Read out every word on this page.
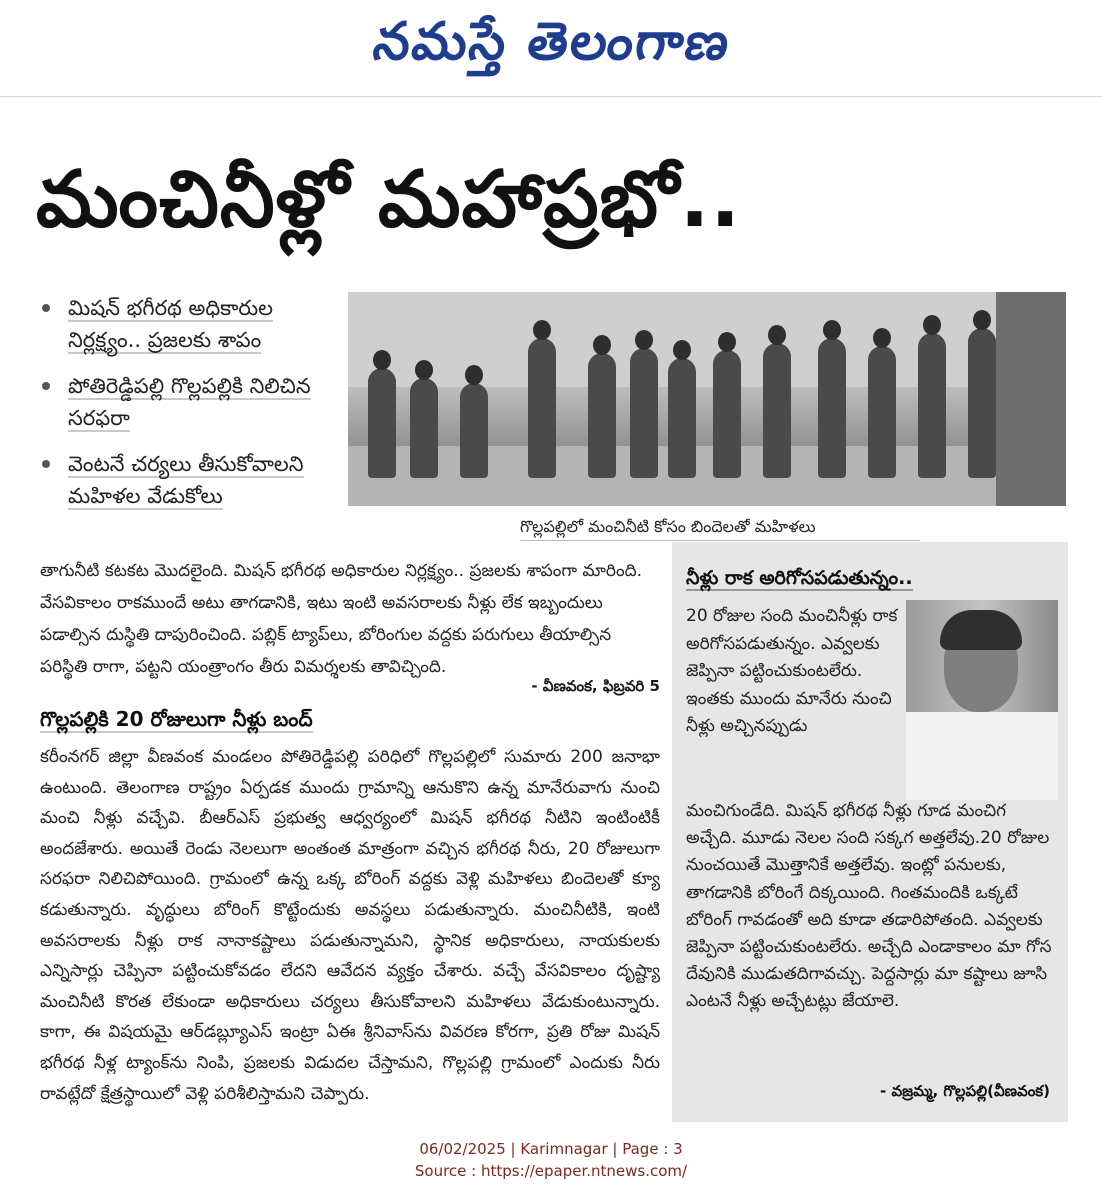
నమస్తే తెలంగాణ
మంచినీళ్లో మహాప్రభో..
మిషన్ భగీరథ అధికారుల నిర్లక్ష్యం.. ప్రజలకు శాపం
పోతిరెడ్డిపల్లి గొల్లపల్లికి నిలిచిన సరఫరా
వెంటనే చర్యలు తీసుకోవాలని మహిళల వేడుకోలు
గొల్లపల్లిలో మంచినీటి కోసం బిందెలతో మహిళలు
తాగునీటి కటకట మొదలైంది. మిషన్ భగీరథ అధికారుల నిర్లక్ష్యం.. ప్రజలకు శాపంగా మారింది. వేసవికాలం రాకముందే అటు తాగడానికి, ఇటు ఇంటి అవసరాలకు నీళ్లు లేక ఇబ్బందులు పడాల్సిన దుస్థితి దాపురించింది. పబ్లిక్ ట్యాప్‌లు, బోరింగుల వద్దకు పరుగులు తీయాల్సిన పరిస్థితి రాగా, పట్టని యంత్రాంగం తీరు విమర్శలకు తావిచ్చింది.
- వీణవంక, ఫిబ్రవరి 5
గొల్లపల్లికి 20 రోజులుగా నీళ్లు బంద్
కరీంనగర్ జిల్లా వీణవంక మండలం పోతిరెడ్డిపల్లి పరిధిలో గొల్లపల్లిలో సుమారు 200 జనాభా ఉంటుంది. తెలంగాణ రాష్ట్రం ఏర్పడక ముందు గ్రామాన్ని ఆనుకొని ఉన్న మానేరువాగు నుంచి మంచి నీళ్లు వచ్చేవి. బీఆర్ఎస్ ప్రభుత్వ ఆధ్వర్యంలో మిషన్ భగీరథ నీటిని ఇంటింటికీ అందజేశారు. అయితే రెండు నెలలుగా అంతంత మాత్రంగా వచ్చిన భగీరథ నీరు, 20 రోజులుగా సరఫరా నిలిచిపోయింది. గ్రామంలో ఉన్న ఒక్క బోరింగ్ వద్దకు వెళ్లి మహిళలు బిందెలతో క్యూ కడుతున్నారు. వృద్ధులు బోరింగ్ కొట్టేందుకు అవస్థలు పడుతున్నారు. మంచినీటికి, ఇంటి అవసరాలకు నీళ్లు రాక నానాకష్టాలు పడుతున్నామని, స్థానిక అధికారులు, నాయకులకు ఎన్నిసార్లు చెప్పినా పట్టించుకోవడం లేదని ఆవేదన వ్యక్తం చేశారు. వచ్చే వేసవికాలం దృష్ట్యా మంచినీటి కొరత లేకుండా అధికారులు చర్యలు తీసుకోవాలని మహిళలు వేడుకుంటున్నారు. కాగా, ఈ విషయమై ఆర్‌డబ్ల్యూఎస్ ఇంట్రా ఏఈ శ్రీనివాస్‌ను వివరణ కోరగా, ప్రతి రోజు మిషన్ భగీరథ నీళ్ల ట్యాంక్‌ను నింపి, ప్రజలకు విడుదల చేస్తామని, గొల్లపల్లి గ్రామంలో ఎందుకు నీరు రావట్లేదో క్షేత్రస్థాయిలో వెళ్లి పరిశీలిస్తామని చెప్పారు.
నీళ్లు రాక అరిగోసపడుతున్నం..
20 రోజుల సంది మంచినీళ్లు రాక అరిగోసపడుతున్నం. ఎవ్వలకు జెప్పినా పట్టించుకుంటలేరు. ఇంతకు ముందు మానేరు నుంచి నీళ్లు అచ్చినప్పుడు
మంచిగుండేది. మిషన్ భగీరథ నీళ్లు గూడ మంచిగ అచ్చేది. మూడు నెలల సంది సక్కగ అత్తలేవు.20 రోజుల నుంచయితే మొత్తానికే అత్తలేవు. ఇంట్లో పనులకు, తాగడానికి బోరింగే దిక్కయింది. గింతమందికి ఒక్కటే బోరింగ్ గావడంతో అది కూడా తడారిపోతంది. ఎవ్వలకు జెప్పినా పట్టించుకుంటలేరు. అచ్చేది ఎండాకాలం మా గోస దేవునికి ముడుతదిగావచ్చు. పెద్దసార్లు మా కష్టాలు జూసి ఎంటనే నీళ్లు అచ్చేటట్లు జేయాలె.
- వజ్రమ్మ, గొల్లపల్లి(వీణవంక)
06/02/2025 | Karimnagar | Page : 3
Source : https://epaper.ntnews.com/
